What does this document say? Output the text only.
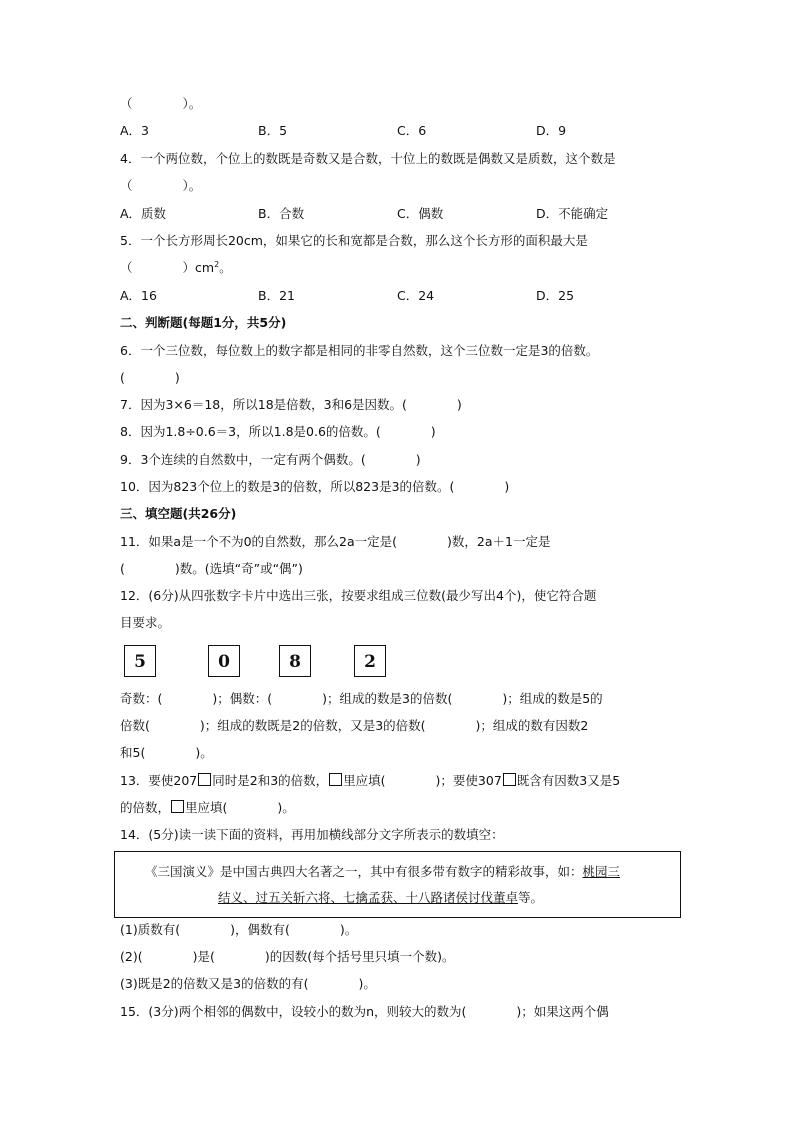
（　　　　）。
A．3	B．5	C．6	D．9
4．一个两位数，个位上的数既是奇数又是合数，十位上的数既是偶数又是质数，这个数是
（　　　　）。
A．质数	B．合数	C．偶数	D．不能确定
5．一个长方形周长20cm，如果它的长和宽都是合数，那么这个长方形的面积最大是
（　　　　）$cm^2$。
A．16	B．21	C．24	D．25
二、判断题(每题1分，共5分)
6．一个三位数，每位数上的数字都是相同的非零自然数，这个三位数一定是3的倍数。
(　　　　)
7．因为3×6＝18，所以18是倍数，3和6是因数。(　　　　)
8．因为1.8÷0.6＝3，所以1.8是0.6的倍数。(　　　　)
9．3个连续的自然数中，一定有两个偶数。(　　　　)
10．因为823个位上的数是3的倍数，所以823是3的倍数。(　　　　)
三、填空题(共26分)
11．如果a是一个不为0的自然数，那么2a一定是(　　　　)数，2a＋1一定是
(　　　　)数。(选填“奇”或“偶”)
12．(6分)从四张数字卡片中选出三张，按要求组成三位数(最少写出4个)，使它符合题
目要求。
5	0	8	2
奇数：(　　　　)；偶数：(　　　　)；组成的数是3的倍数(　　　　)；组成的数是5的
倍数(　　　　)；组成的数既是2的倍数，又是3的倍数(　　　　)；组成的数有因数2
和5(　　　　)。
13．要使207 同时是2和3的倍数， 里应填(　　　　)；要使307 既含有因数3又是5
的倍数， 里应填(　　　　)。
14．(5分)读一读下面的资料，再用加横线部分文字所表示的数填空：
《三国演义》是中国古典四大名著之一，其中有很多带有数字的精彩故事，如：桃园三
结义、过五关斩六将、七擒孟获、十八路诸侯讨伐董卓等。
(1)质数有(　　　　)，偶数有(　　　　)。
(2)(　　　　)是(　　　　)的因数(每个括号里只填一个数)。
(3)既是2的倍数又是3的倍数的有(　　　　)。
15．(3分)两个相邻的偶数中，设较小的数为n，则较大的数为(　　　　)；如果这两个偶
